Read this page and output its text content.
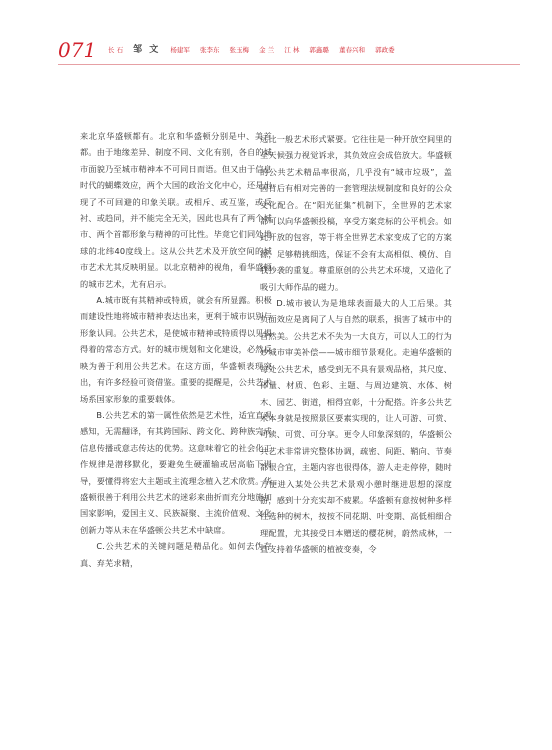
071 长 石 邹 文 杨建军 张李东 张玉梅 金 兰 江 林 郭鑫璐 董春兴和 郭政委

来北京华盛顿都有。北京和华盛顿分别是中、美首都。由于地缘差异、制度不同、文化有别，各自的城市面貌乃至城市精神本不可同日而语。但又由于信息时代的蝴蝶效应，两个大国的政治文化中心，还是出现了不可回避的印象关联。或相斥、或互鉴，或反衬、或趋同，并不能完全无关，因此也具有了两个城市、两个首都形象与精神的可比性。毕竟它们同处地球的北纬40度线上。这从公共艺术及开放空间的城市艺术尤其反映明显。以北京精神的视角，看华盛顿的城市艺术，尤有启示。

A.城市既有其精神或特质，就会有所显露。积极而建设性地将城市精神表达出来，更利于城市识别与形象认同。公共艺术，是使城市精神或特质得以见揭得着的常态方式。好的城市规划和文化建设，必然反映为善于利用公共艺术。在这方面，华盛顿表现突出，有许多经验可资借鉴。重要的提醒是，公共艺术场系国家形象的重要载体。

B.公共艺术的第一属性依然是艺术性，适宜直观感知，无需翻译，有其跨国际、跨文化、跨种族完成信息传播或意志传达的优势。这意味着它的社会化工作规律是潜移默化，要避免生硬灌输或居高临下训导，要懂得将宏大主题或主流理念植入艺术欣赏。华盛顿很善于利用公共艺术的迷彩来曲折而充分地施加国家影响，爱国主义、民族凝聚、主流价值观、文化创新力等从未在华盛顿公共艺术中缺席。

C.公共艺术的关键问题是精品化。如何去伪存真、弃芜求精，

远比一般艺术形式紧要。它往往是一种开放空间里的全天候强力视觉诉求，其负效应会成倍放大。华盛顿的公共艺术精品率很高，几乎没有“城市垃圾”，盖因背后有相对完善的一套管理法规制度和良好的公众文化配合。在“阳光征集”机制下，全世界的艺术家都可以向华盛顿投稿，享受方案竞标的公平机会。如此开放的包容，等于将全世界艺术家变成了它的方案源，足够精挑细选，保证不会有太高相似、模仿、自我抄袭的重复。尊重原创的公共艺术环境，又造化了吸引大师作品的磁力。

D.城市被认为是地球表面最大的人工后果。其负面效应是离间了人与自然的联系，损害了城市中的自然美。公共艺术不失为一大良方，可以人工的行为妙城市审美补偿——城市细节景观化。走遍华盛顿的每处公共艺术，感受到无不具有景观品格，其尺度、体量、材质、色彩、主题、与周边建筑、水体、树木、园艺、街道，相得宜彰，十分配搭。许多公共艺术本身就是按照景区要素实现的，让人可游、可赏、可读、可赏、可分享。更令人印象深刻的，华盛顿公共艺术非常讲究整体协调，疏密、间距、鞘向、节奏都很合宜，主题内容也很得体，游人走走停停，随时方便进入某处公共艺术景观小憩时继进思想的深度游，感到十分充实却不疲累。华盛顿有意按树种多样性选种的树木，按按不同花期、叶变期、高低相细合理配置，尤其接受日本赠送的樱花树，蔚然成林，一直支持着华盛顿的植被变奏，令
